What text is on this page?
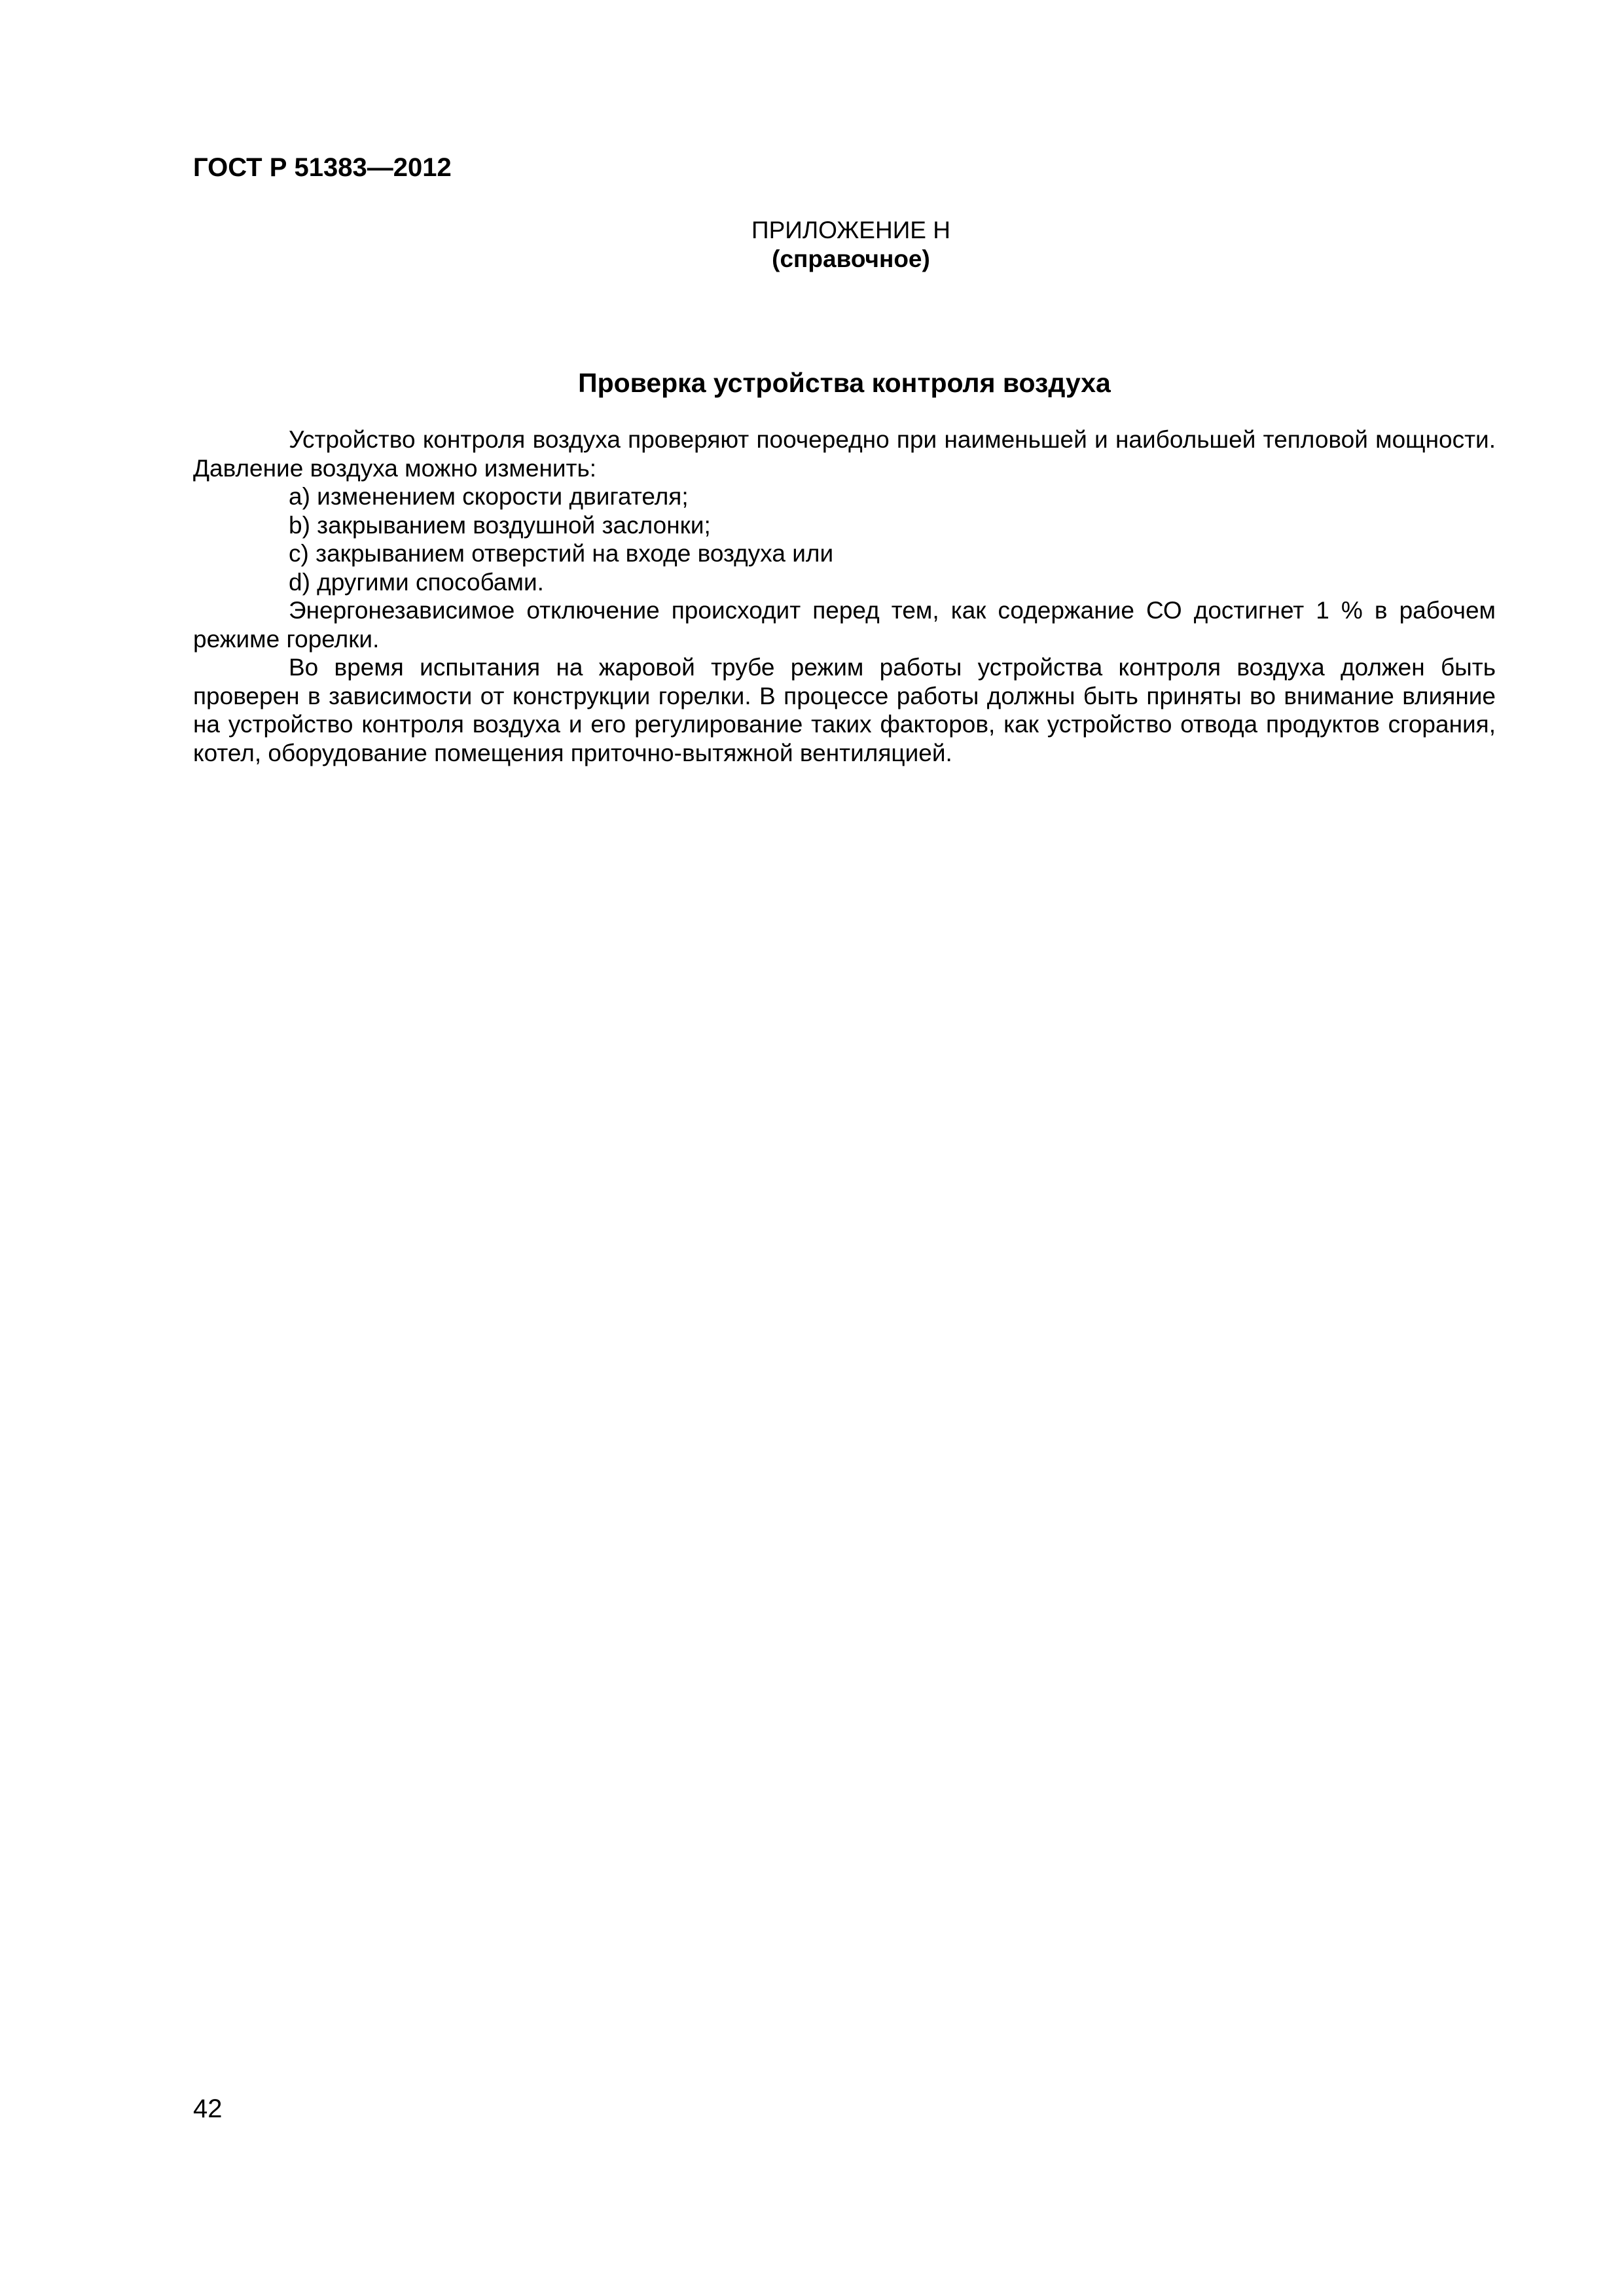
ГОСТ Р 51383—2012
ПРИЛОЖЕНИЕ Н
(справочное)
Проверка устройства контроля воздуха

Устройство контроля воздуха проверяют поочередно при наименьшей и наибольшей тепловой мощности. Давление воздуха можно изменить:

a) изменением скорости двигателя;

b) закрыванием воздушной заслонки;

c) закрыванием отверстий на входе воздуха или

d) другими способами.

Энергонезависимое отключение происходит перед тем, как содержание СО достигнет 1 % в рабочем режиме горелки.

Во время испытания на жаровой трубе режим работы устройства контроля воздуха должен быть проверен в зависимости от конструкции горелки. В процессе работы должны быть приняты во внимание влияние на устройство контроля воздуха и его регулирование таких факторов, как устройство отвода продуктов сгорания, котел, оборудование помещения приточно-вытяжной вентиляцией.

42
